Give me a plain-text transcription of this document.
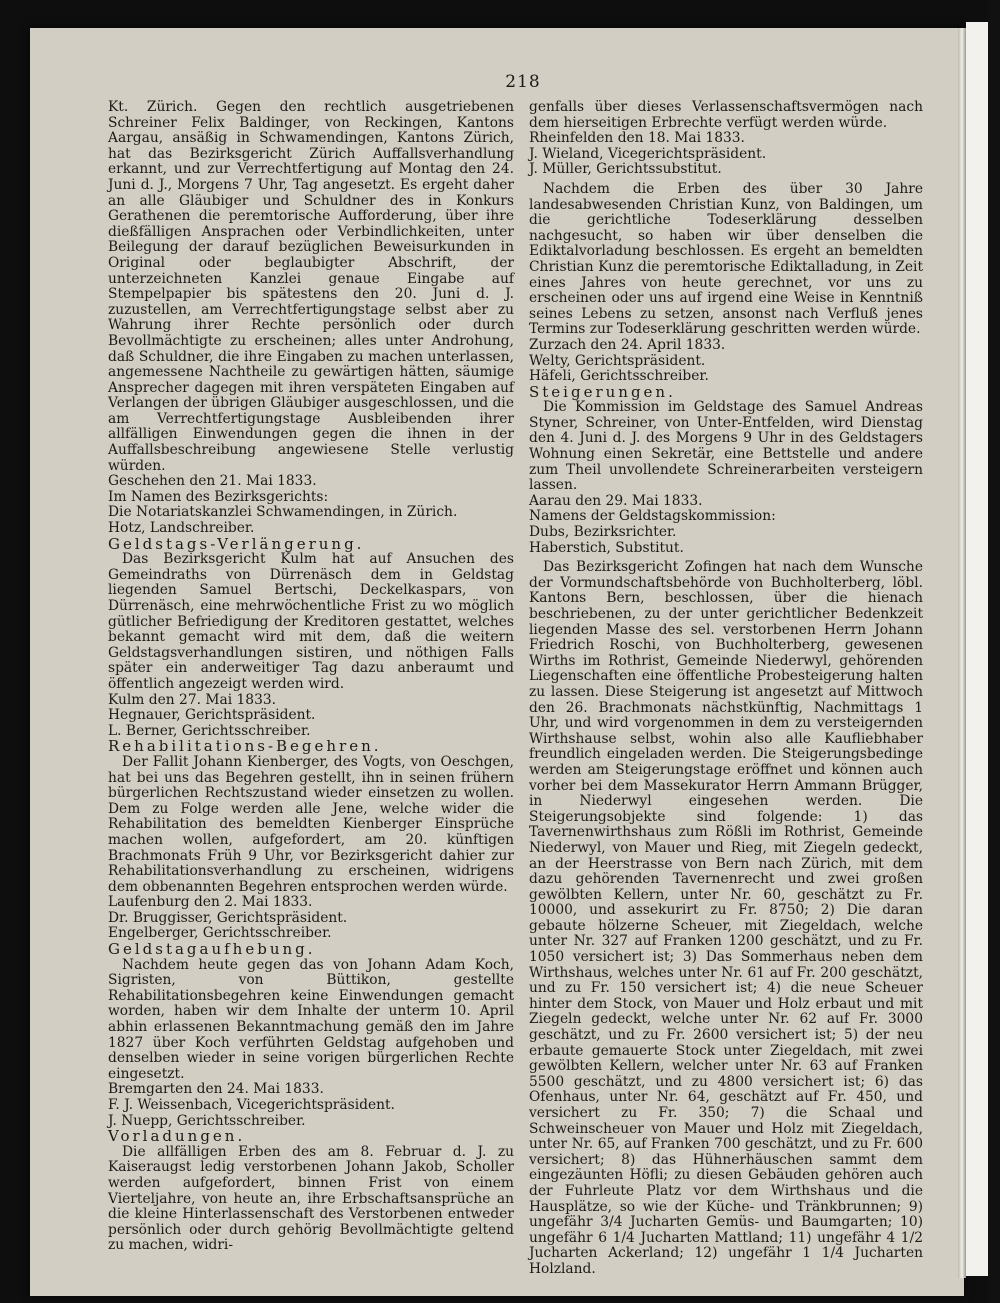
218

Kt. Zürich. Gegen den rechtlich ausgetriebenen Schreiner Felix Baldinger, von Reckingen, Kantons Aargau, ansäßig in Schwamendingen, Kantons Zürich, hat das Bezirksgericht Zürich Auffallsverhandlung erkannt, und zur Verrechtfertigung auf Montag den 24. Juni d. J., Morgens 7 Uhr, Tag angesetzt. Es ergeht daher an alle Gläubiger und Schuldner des in Konkurs Gerathenen die peremtorische Aufforderung, über ihre dießfälligen Ansprachen oder Verbindlichkeiten, unter Beilegung der darauf bezüglichen Beweisurkunden in Original oder beglaubigter Abschrift, der unterzeichneten Kanzlei genaue Eingabe auf Stempelpapier bis spätestens den 20. Juni d. J. zuzustellen, am Verrechtfertigungstage selbst aber zu Wahrung ihrer Rechte persönlich oder durch Bevollmächtigte zu erscheinen; alles unter Androhung, daß Schuldner, die ihre Eingaben zu machen unterlassen, angemessene Nachtheile zu gewärtigen hätten, säumige Ansprecher dagegen mit ihren verspäteten Eingaben auf Verlangen der übrigen Gläubiger ausgeschlossen, und die am Verrechtfertigungstage Ausbleibenden ihrer allfälligen Einwendungen gegen die ihnen in der Auffallsbeschreibung angewiesene Stelle verlustig würden.

Geschehen den 21. Mai 1833.

Im Namen des Bezirksgerichts:

Die Notariatskanzlei Schwamendingen, in Zürich.

Hotz, Landschreiber.

Geldstags-Verlängerung.

Das Bezirksgericht Kulm hat auf Ansuchen des Gemeindraths von Dürrenäsch dem in Geldstag liegenden Samuel Bertschi, Deckelkaspars, von Dürrenäsch, eine mehrwöchentliche Frist zu wo möglich gütlicher Befriedigung der Kreditoren gestattet, welches bekannt gemacht wird mit dem, daß die weitern Geldstagsverhandlungen sistiren, und nöthigen Falls später ein anderweitiger Tag dazu anberaumt und öffentlich angezeigt werden wird.

Kulm den 27. Mai 1833.

Hegnauer, Gerichtspräsident.

L. Berner, Gerichtsschreiber.

Rehabilitations-Begehren.

Der Fallit Johann Kienberger, des Vogts, von Oeschgen, hat bei uns das Begehren gestellt, ihn in seinen frühern bürgerlichen Rechtszustand wieder einsetzen zu wollen. Dem zu Folge werden alle Jene, welche wider die Rehabilitation des bemeldten Kienberger Einsprüche machen wollen, aufgefordert, am 20. künftigen Brachmonats Früh 9 Uhr, vor Bezirksgericht dahier zur Rehabilitationsverhandlung zu erscheinen, widrigens dem obbenannten Begehren entsprochen werden würde.

Laufenburg den 2. Mai 1833.

Dr. Bruggisser, Gerichtspräsident.

Engelberger, Gerichtsschreiber.

Geldstagaufhebung.

Nachdem heute gegen das von Johann Adam Koch, Sigristen, von Büttikon, gestellte Rehabilitationsbegehren keine Einwendungen gemacht worden, haben wir dem Inhalte der unterm 10. April abhin erlassenen Bekanntmachung gemäß den im Jahre 1827 über Koch verführten Geldstag aufgehoben und denselben wieder in seine vorigen bürgerlichen Rechte eingesetzt.

Bremgarten den 24. Mai 1833.

F. J. Weissenbach, Vicegerichtspräsident.

J. Nuepp, Gerichtsschreiber.

Vorladungen.

Die allfälligen Erben des am 8. Februar d. J. zu Kaiseraugst ledig verstorbenen Johann Jakob, Scholler werden aufgefordert, binnen Frist von einem Vierteljahre, von heute an, ihre Erbschaftsansprüche an die kleine Hinterlassenschaft des Verstorbenen entweder persönlich oder durch gehörig Bevollmächtigte geltend zu machen, widri-

genfalls über dieses Verlassenschaftsvermögen nach dem hierseitigen Erbrechte verfügt werden würde.

Rheinfelden den 18. Mai 1833.

J. Wieland, Vicegerichtspräsident.

J. Müller, Gerichtssubstitut.

Nachdem die Erben des über 30 Jahre landesabwesenden Christian Kunz, von Baldingen, um die gerichtliche Todeserklärung desselben nachgesucht, so haben wir über denselben die Ediktalvorladung beschlossen. Es ergeht an bemeldten Christian Kunz die peremtorische Ediktalladung, in Zeit eines Jahres von heute gerechnet, vor uns zu erscheinen oder uns auf irgend eine Weise in Kenntniß seines Lebens zu setzen, ansonst nach Verfluß jenes Termins zur Todeserklärung geschritten werden würde.

Zurzach den 24. April 1833.

Welty, Gerichtspräsident.

Häfeli, Gerichtsschreiber.

Steigerungen.

Die Kommission im Geldstage des Samuel Andreas Styner, Schreiner, von Unter-Entfelden, wird Dienstag den 4. Juni d. J. des Morgens 9 Uhr in des Geldstagers Wohnung einen Sekretär, eine Bettstelle und andere zum Theil unvollendete Schreinerarbeiten versteigern lassen.

Aarau den 29. Mai 1833.

Namens der Geldstagskommission:

Dubs, Bezirksrichter.

Haberstich, Substitut.

Das Bezirksgericht Zofingen hat nach dem Wunsche der Vormundschaftsbehörde von Buchholterberg, löbl. Kantons Bern, beschlossen, über die hienach beschriebenen, zu der unter gerichtlicher Bedenkzeit liegenden Masse des sel. verstorbenen Herrn Johann Friedrich Roschi, von Buchholterberg, gewesenen Wirths im Rothrist, Gemeinde Niederwyl, gehörenden Liegenschaften eine öffentliche Probesteigerung halten zu lassen. Diese Steigerung ist angesetzt auf Mittwoch den 26. Brachmonats nächstkünftig, Nachmittags 1 Uhr, und wird vorgenommen in dem zu versteigernden Wirthshause selbst, wohin also alle Kaufliebhaber freundlich eingeladen werden. Die Steigerungsbedinge werden am Steigerungstage eröffnet und können auch vorher bei dem Massekurator Herrn Ammann Brügger, in Niederwyl eingesehen werden. Die Steigerungsobjekte sind folgende: 1) das Tavernenwirthshaus zum Rößli im Rothrist, Gemeinde Niederwyl, von Mauer und Rieg, mit Ziegeln gedeckt, an der Heerstrasse von Bern nach Zürich, mit dem dazu gehörenden Tavernenrecht und zwei großen gewölbten Kellern, unter Nr. 60, geschätzt zu Fr. 10000, und assekurirt zu Fr. 8750; 2) Die daran gebaute hölzerne Scheuer, mit Ziegeldach, welche unter Nr. 327 auf Franken 1200 geschätzt, und zu Fr. 1050 versichert ist; 3) Das Sommerhaus neben dem Wirthshaus, welches unter Nr. 61 auf Fr. 200 geschätzt, und zu Fr. 150 versichert ist; 4) die neue Scheuer hinter dem Stock, von Mauer und Holz erbaut und mit Ziegeln gedeckt, welche unter Nr. 62 auf Fr. 3000 geschätzt, und zu Fr. 2600 versichert ist; 5) der neu erbaute gemauerte Stock unter Ziegeldach, mit zwei gewölbten Kellern, welcher unter Nr. 63 auf Franken 5500 geschätzt, und zu 4800 versichert ist; 6) das Ofenhaus, unter Nr. 64, geschätzt auf Fr. 450, und versichert zu Fr. 350; 7) die Schaal und Schweinscheuer von Mauer und Holz mit Ziegeldach, unter Nr. 65, auf Franken 700 geschätzt, und zu Fr. 600 versichert; 8) das Hühnerhäuschen sammt dem eingezäunten Höfli; zu diesen Gebäuden gehören auch der Fuhrleute Platz vor dem Wirthshaus und die Hausplätze, so wie der Küche- und Tränkbrunnen; 9) ungefähr 3/4 Jucharten Gemüs- und Baumgarten; 10) ungefähr 6 1/4 Jucharten Mattland; 11) ungefähr 4 1/2 Jucharten Ackerland; 12) ungefähr 1 1/4 Jucharten Holzland.
